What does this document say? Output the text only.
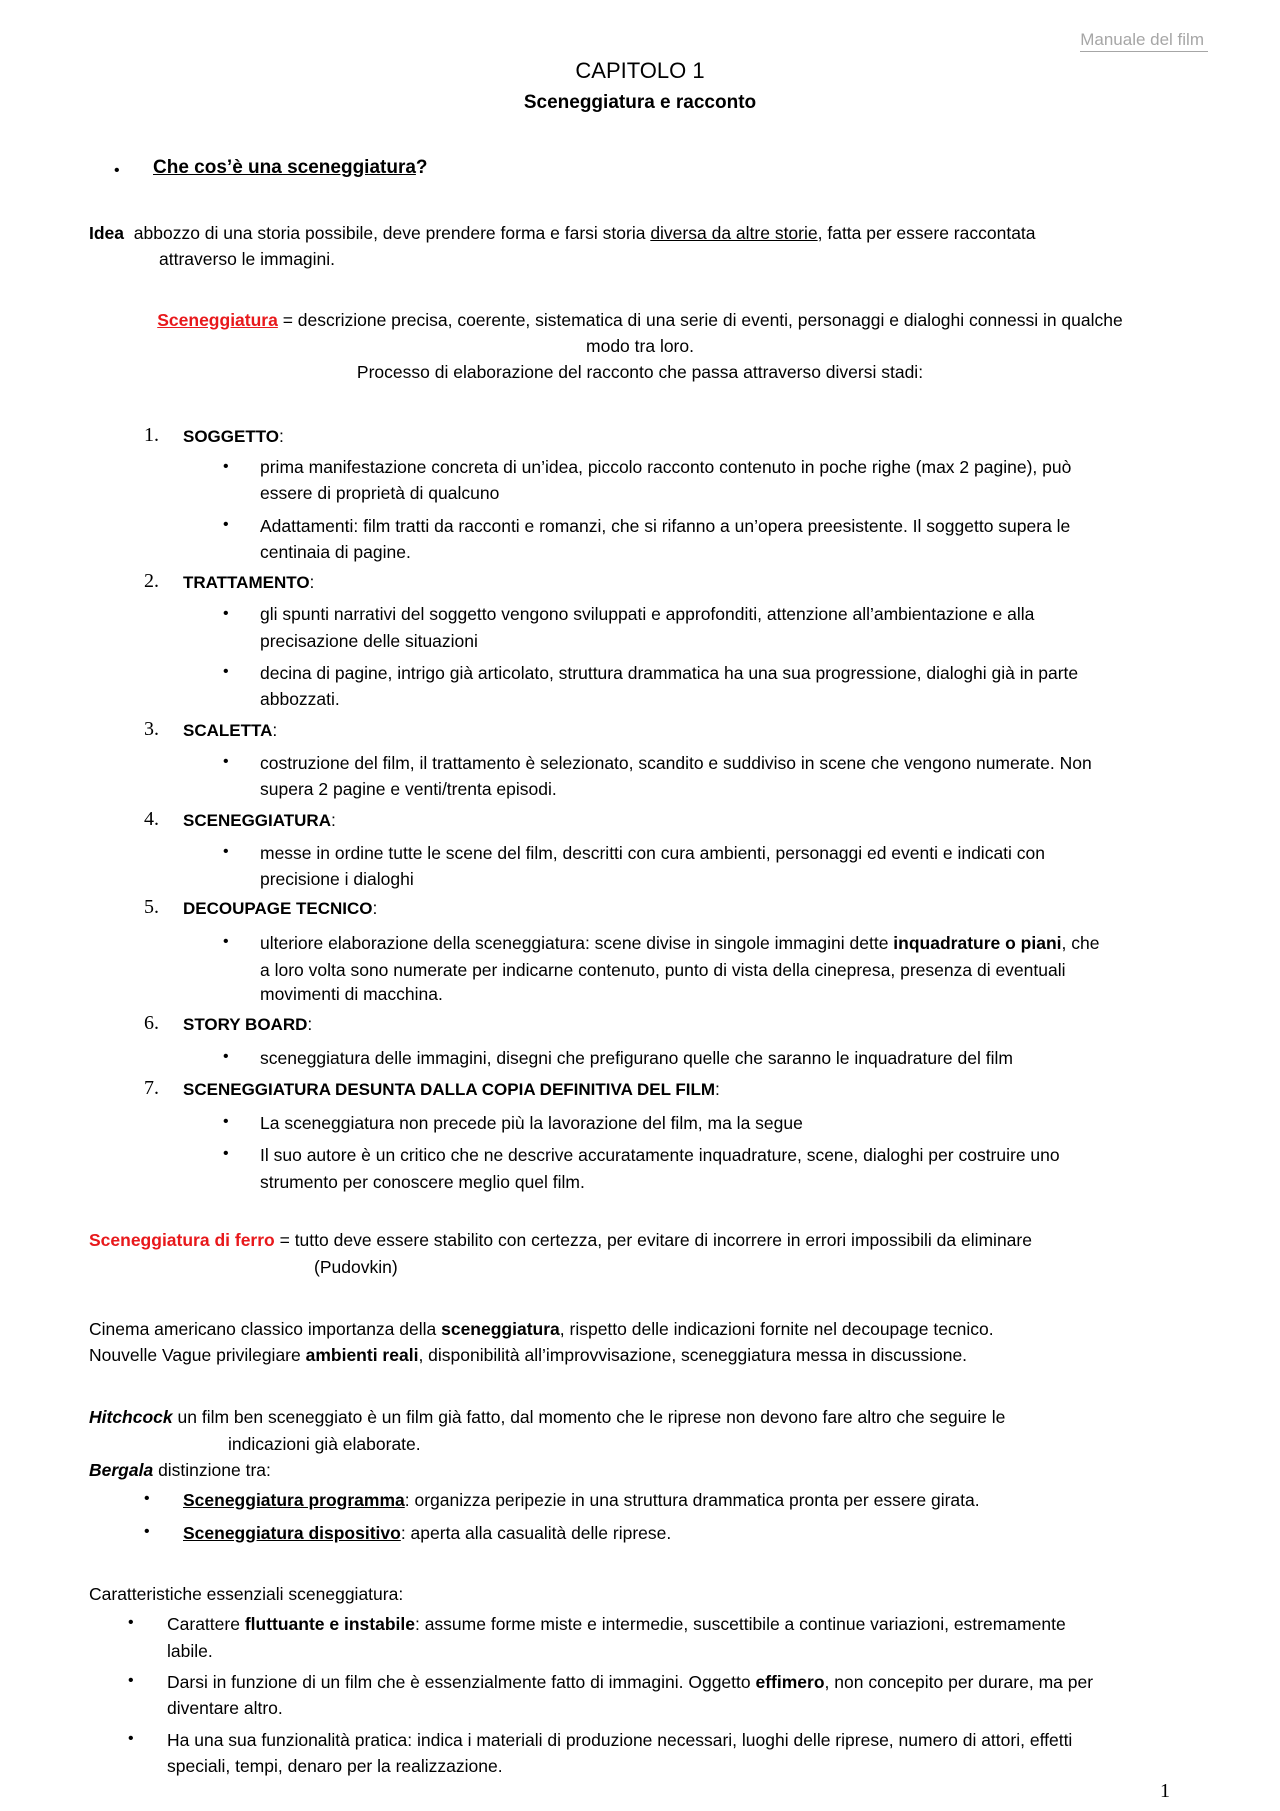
Manuale del film
CAPITOLO 1
Sceneggiatura e racconto
• Che cos’è una sceneggiatura?
Idea abbozzo di una storia possibile, deve prendere forma e farsi storia diversa da altre storie, fatta per essere raccontata
attraverso le immagini.
Sceneggiatura = descrizione precisa, coerente, sistematica di una serie di eventi, personaggi e dialoghi connessi in qualche
modo tra loro.
Processo di elaborazione del racconto che passa attraverso diversi stadi:
1. SOGGETTO:
• prima manifestazione concreta di un’idea, piccolo racconto contenuto in poche righe (max 2 pagine), può
essere di proprietà di qualcuno
• Adattamenti: film tratti da racconti e romanzi, che si rifanno a un’opera preesistente. Il soggetto supera le
centinaia di pagine.
2. TRATTAMENTO:
• gli spunti narrativi del soggetto vengono sviluppati e approfonditi, attenzione all’ambientazione e alla
precisazione delle situazioni
• decina di pagine, intrigo già articolato, struttura drammatica ha una sua progressione, dialoghi già in parte
abbozzati.
3. SCALETTA:
• costruzione del film, il trattamento è selezionato, scandito e suddiviso in scene che vengono numerate. Non
supera 2 pagine e venti/trenta episodi.
4. SCENEGGIATURA:
• messe in ordine tutte le scene del film, descritti con cura ambienti, personaggi ed eventi e indicati con
precisione i dialoghi
5. DECOUPAGE TECNICO:
• ulteriore elaborazione della sceneggiatura: scene divise in singole immagini dette inquadrature o piani, che
a loro volta sono numerate per indicarne contenuto, punto di vista della cinepresa, presenza di eventuali
movimenti di macchina.
6. STORY BOARD:
• sceneggiatura delle immagini, disegni che prefigurano quelle che saranno le inquadrature del film
7. SCENEGGIATURA DESUNTA DALLA COPIA DEFINITIVA DEL FILM:
• La sceneggiatura non precede più la lavorazione del film, ma la segue
• Il suo autore è un critico che ne descrive accuratamente inquadrature, scene, dialoghi per costruire uno
strumento per conoscere meglio quel film.
Sceneggiatura di ferro = tutto deve essere stabilito con certezza, per evitare di incorrere in errori impossibili da eliminare
(Pudovkin)
Cinema americano classico importanza della sceneggiatura, rispetto delle indicazioni fornite nel decoupage tecnico.
Nouvelle Vague privilegiare ambienti reali, disponibilità all’improvvisazione, sceneggiatura messa in discussione.
Hitchcock un film ben sceneggiato è un film già fatto, dal momento che le riprese non devono fare altro che seguire le
indicazioni già elaborate.
Bergala distinzione tra:
• Sceneggiatura programma: organizza peripezie in una struttura drammatica pronta per essere girata.
• Sceneggiatura dispositivo: aperta alla casualità delle riprese.
Caratteristiche essenziali sceneggiatura:
• Carattere fluttuante e instabile: assume forme miste e intermedie, suscettibile a continue variazioni, estremamente
labile.
• Darsi in funzione di un film che è essenzialmente fatto di immagini. Oggetto effimero, non concepito per durare, ma per
diventare altro.
• Ha una sua funzionalità pratica: indica i materiali di produzione necessari, luoghi delle riprese, numero di attori, effetti
speciali, tempi, denaro per la realizzazione.
1
